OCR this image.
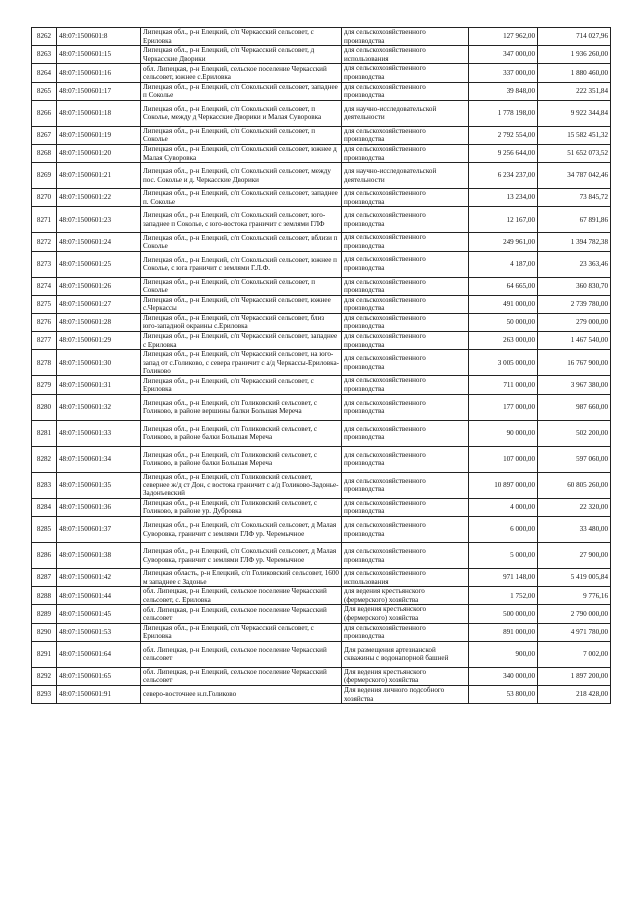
8262	48:07:1500601:8	Липецкая обл., р-н Елецкий, с/п Черкасский сельсовет, с Ериловка	для сельскохозяйственного производства	127 962,00	714 027,96
8263	48:07:1500601:15	Липецкая обл., р-н Елецкий, с/п Черкасский сельсовет, д Черкасские Дворики	для сельскохозяйственного использования	347 000,00	1 936 260,00
8264	48:07:1500601:16	обл. Липецкая, р-н Елецкий, сельское поселение Черкасский сельсовет, южнее с.Ериловка	для сельскохозяйственного производства	337 000,00	1 880 460,00
8265	48:07:1500601:17	Липецкая обл., р-н Елецкий, с/п Сокольский сельсовет, западнее п Соколье	для сельскохозяйственного производства	39 848,00	222 351,84
8266	48:07:1500601:18	Липецкая обл., р-н Елецкий, с/п Сокольский сельсовет, п Соколье, между д Черкасские Дворики и Малая Суворовка	для научно-исследовательской деятельности	1 778 198,00	9 922 344,84
8267	48:07:1500601:19	Липецкая обл., р-н Елецкий, с/п Сокольский сельсовет, п Соколье	для сельскохозяйственного производства	2 792 554,00	15 582 451,32
8268	48:07:1500601:20	Липецкая обл., р-н Елецкий, с/п Сокольский сельсовет, южнее д Малая Суворовка	для сельскохозяйственного производства	9 256 644,00	51 652 073,52
8269	48:07:1500601:21	Липецкая обл., р-н Елецкий, с/п Сокольский сельсовет, между пос. Соколье и д. Черкасские Дворики	для научно-исследовательской деятельности	6 234 237,00	34 787 042,46
8270	48:07:1500601:22	Липецкая обл., р-н Елецкий, с/п Сокольский сельсовет, западнее п. Соколье	для сельскохозяйственного производства	13 234,00	73 845,72
8271	48:07:1500601:23	Липецкая обл., р-н Елецкий, с/п Сокольский сельсовет, юго-западнее п Соколье, с юго-востока граничит с землями ГЛФ	для сельскохозяйственного производства	12 167,00	67 891,86
8272	48:07:1500601:24	Липецкая обл., р-н Елецкий, с/п Сокольский сельсовет, вблизи п Соколье	для сельскохозяйственного производства	249 961,00	1 394 782,38
8273	48:07:1500601:25	Липецкая обл., р-н Елецкий, с/п Сокольский сельсовет, южнее п Соколье, с юга граничит с землями Г.Л.Ф.	для сельскохозяйственного производства	4 187,00	23 363,46
8274	48:07:1500601:26	Липецкая обл., р-н Елецкий, с/п Сокольский сельсовет, п Соколье	для сельскохозяйственного производства	64 665,00	360 830,70
8275	48:07:1500601:27	Липецкая обл., р-н Елецкий, с/п Черкасский сельсовет, южнее с.Черкассы	для сельскохозяйственного производства	491 000,00	2 739 780,00
8276	48:07:1500601:28	Липецкая обл., р-н Елецкий, с/п Черкасский сельсовет, близ юго-западной окраины с.Ериловка	для сельскохозяйственного производства	50 000,00	279 000,00
8277	48:07:1500601:29	Липецкая обл., р-н Елецкий, с/п Черкасский сельсовет, западнее с Ериловка	для сельскохозяйственного производства	263 000,00	1 467 540,00
8278	48:07:1500601:30	Липецкая обл., р-н Елецкий, с/п Черкасский сельсовет, на юго-запад от с.Голиково, с севера граничит с а/д Черкассы-Ериловка-Голиково	для сельскохозяйственного производства	3 005 000,00	16 767 900,00
8279	48:07:1500601:31	Липецкая обл., р-н Елецкий, с/п Черкасский сельсовет, с Ериловка	для сельскохозяйственного производства	711 000,00	3 967 380,00
8280	48:07:1500601:32	Липецкая обл., р-н Елецкий, с/п Голиковский сельсовет, с Голиково, в районе вершины балки Большая Мереча	для сельскохозяйственного производства	177 000,00	987 660,00
8281	48:07:1500601:33	Липецкая обл., р-н Елецкий, с/п Голиковский сельсовет, с Голиково, в районе балки Большая Мереча	для сельскохозяйственного производства	90 000,00	502 200,00
8282	48:07:1500601:34	Липецкая обл., р-н Елецкий, с/п Голиковский сельсовет, с Голиково, в районе балки Большая Мереча	для сельскохозяйственного производства	107 000,00	597 060,00
8283	48:07:1500601:35	Липецкая обл., р-н Елецкий, с/п Голиковский сельсовет, севернее ж/д ст Дон, с востока граничит с а/д Голиково-Задонье-Задонъевский	для сельскохозяйственного производства	10 897 000,00	60 805 260,00
8284	48:07:1500601:36	Липецкая обл., р-н Елецкий, с/п Голиковский сельсовет, с Голиково, в районе ур. Дубровка	для сельскохозяйственного производства	4 000,00	22 320,00
8285	48:07:1500601:37	Липецкая обл., р-н Елецкий, с/п Сокольский сельсовет, д Малая Суворовка, граничит с землями ГЛФ ур. Черемычное	для сельскохозяйственного производства	6 000,00	33 480,00
8286	48:07:1500601:38	Липецкая обл., р-н Елецкий, с/п Сокольский сельсовет, д Малая Суворовка, граничит с землями ГЛФ ур. Черемычное	для сельскохозяйственного производства	5 000,00	27 900,00
8287	48:07:1500601:42	Липецкая область, р-н Елецкий, с/п Голиковский сельсовет, 1600 м западнее с Задонье	для сельскохозяйственного использования	971 148,00	5 419 005,84
8288	48:07:1500601:44	обл. Липецкая, р-н Елецкий, сельское поселение Черкасский сельсовет, с. Ериловка	для ведения крестьянского (фермерского) хозяйства	1 752,00	9 776,16
8289	48:07:1500601:45	обл. Липецкая, р-н Елецкий, сельское поселение Черкасский сельсовет	Для ведения крестьянского (фермерского) хозяйства	500 000,00	2 790 000,00
8290	48:07:1500601:53	Липецкая обл., р-н Елецкий, с/п Черкасский сельсовет, с Ериловка	для сельскохозяйственного производства	891 000,00	4 971 780,00
8291	48:07:1500601:64	обл. Липецкая, р-н Елецкий, сельское поселение Черкасский сельсовет	Для размещения артезианской скважины с водонапорной башней	900,00	7 002,00
8292	48:07:1500601:65	обл. Липецкая, р-н Елецкий, сельское поселение Черкасский сельсовет	Для ведения крестьянского (фермерского) хозяйства	340 000,00	1 897 200,00
8293	48:07:1500601:91	северо-восточнее н.п.Голиково	Для ведения личного подсобного хозяйства	53 800,00	218 428,00
